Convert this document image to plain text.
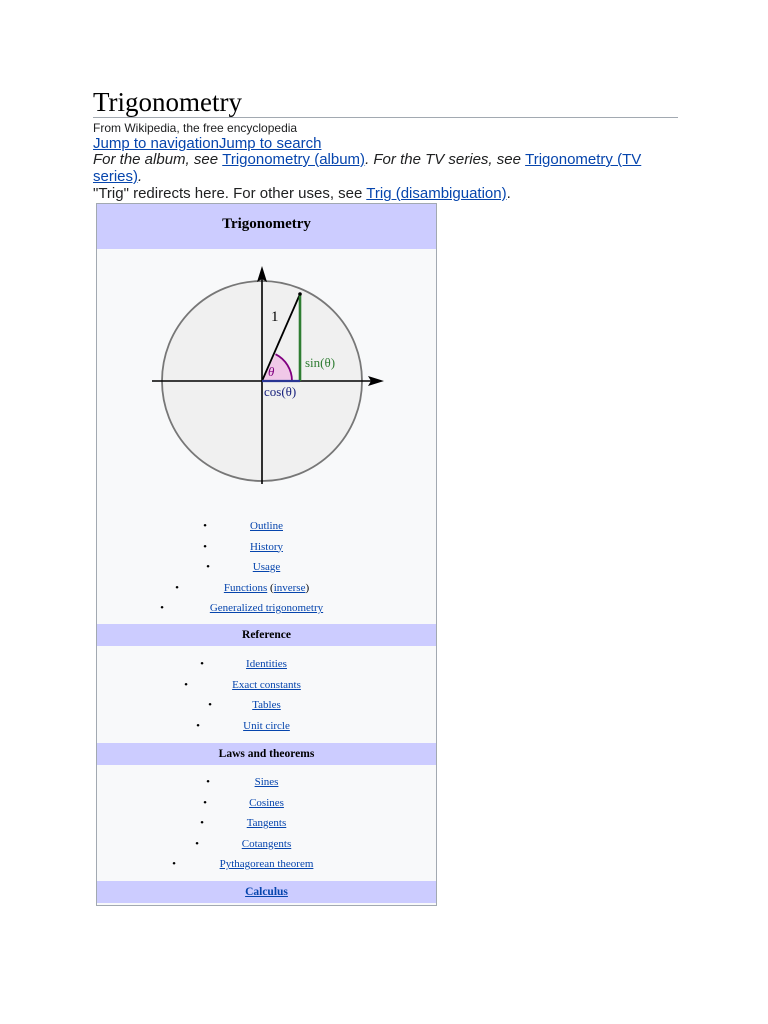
Trigonometry
From Wikipedia, the free encyclopedia
Jump to navigationJump to search
For the album, see Trigonometry (album). For the TV series, see Trigonometry (TV series).
"Trig" redirects here. For other uses, see Trig (disambiguation).
Trigonometry
1
θ
sin(θ)
cos(θ)
•	Outline
•	History
•	Usage
•	Functions (inverse)
•	Generalized trigonometry
Reference
•	Identities
•	Exact constants
•	Tables
•	Unit circle
Laws and theorems
•	Sines
•	Cosines
•	Tangents
•	Cotangents
•	Pythagorean theorem
Calculus
